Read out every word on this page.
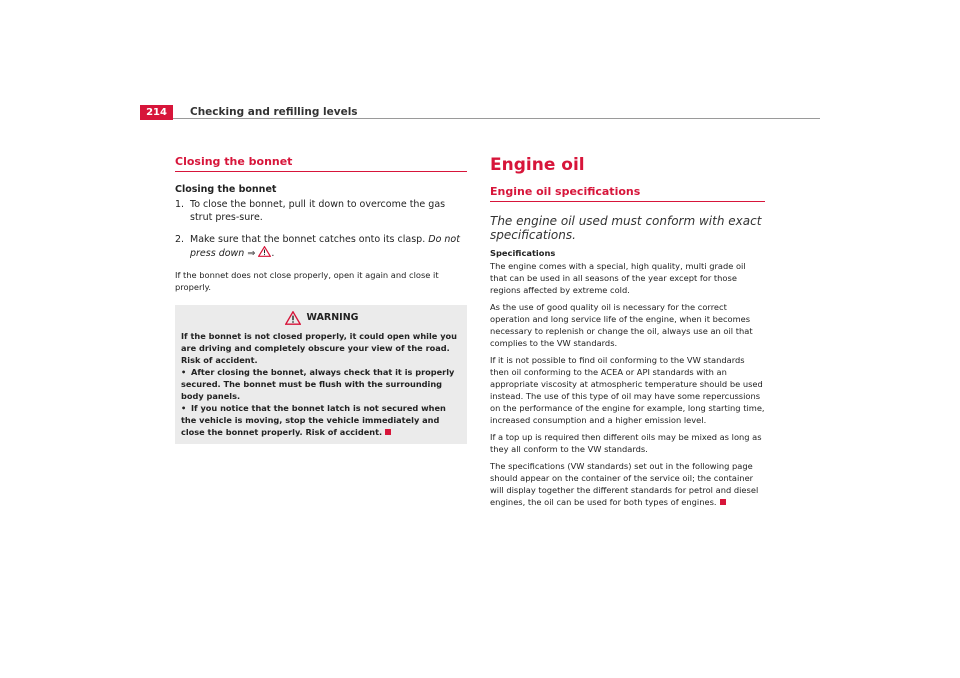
214	Checking and refilling levels
Closing the bonnet
Closing the bonnet
1. To close the bonnet, pull it down to overcome the gas strut pres-sure.
2. Make sure that the bonnet catches onto its clasp. Do not press down ⇒ .
If the bonnet does not close properly, open it again and close it properly.
WARNING
If the bonnet is not closed properly, it could open while you are driving and completely obscure your view of the road. Risk of accident.
• After closing the bonnet, always check that it is properly secured. The bonnet must be flush with the surrounding body panels.
• If you notice that the bonnet latch is not secured when the vehicle is moving, stop the vehicle immediately and close the bonnet properly. Risk of accident.
Engine oil
Engine oil specifications
The engine oil used must conform with exact specifications.
Specifications
The engine comes with a special, high quality, multi grade oil that can be used in all seasons of the year except for those regions affected by extreme cold.
As the use of good quality oil is necessary for the correct operation and long service life of the engine, when it becomes necessary to replenish or change the oil, always use an oil that complies to the VW standards.
If it is not possible to find oil conforming to the VW standards then oil conforming to the ACEA or API standards with an appropriate viscosity at atmospheric temperature should be used instead. The use of this type of oil may have some repercussions on the performance of the engine for example, long starting time, increased consumption and a higher emission level.
If a top up is required then different oils may be mixed as long as they all conform to the VW standards.
The specifications (VW standards) set out in the following page should appear on the container of the service oil; the container will display together the different standards for petrol and diesel engines, the oil can be used for both types of engines.
